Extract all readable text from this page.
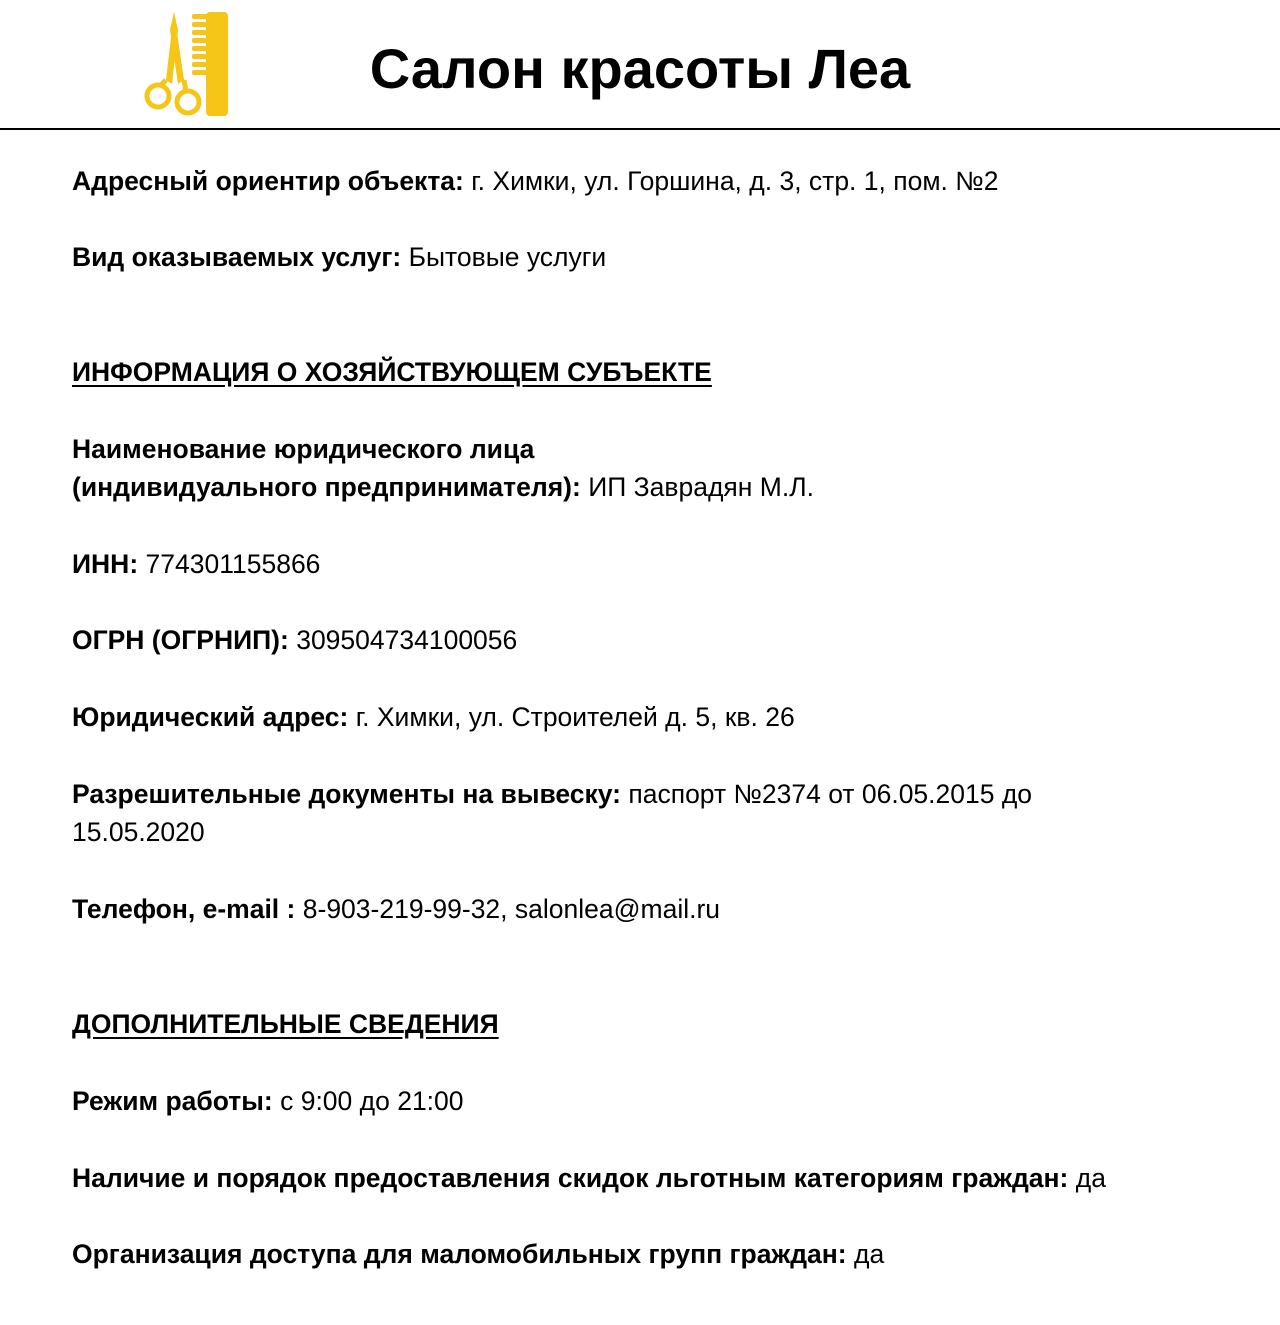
Салон красоты Леа
Адресный ориентир объекта: г. Химки, ул. Горшина, д. 3, стр. 1, пом. №2
Вид оказываемых услуг: Бытовые услуги
ИНФОРМАЦИЯ О ХОЗЯЙСТВУЮЩЕМ СУБЪЕКТЕ
Наименование юридического лица
(индивидуального предпринимателя): ИП Заврадян М.Л.
ИНН: 774301155866
ОГРН (ОГРНИП): 309504734100056
Юридический адрес: г. Химки, ул. Строителей д. 5, кв. 26
Разрешительные документы на вывеску: паспорт №2374 от 06.05.2015 до
15.05.2020
Телефон, e-mail : 8-903-219-99-32, salonlea@mail.ru
ДОПОЛНИТЕЛЬНЫЕ СВЕДЕНИЯ
Режим работы: с 9:00 до 21:00
Наличие и порядок предоставления скидок льготным категориям граждан: да
Организация доступа для маломобильных групп граждан: да
